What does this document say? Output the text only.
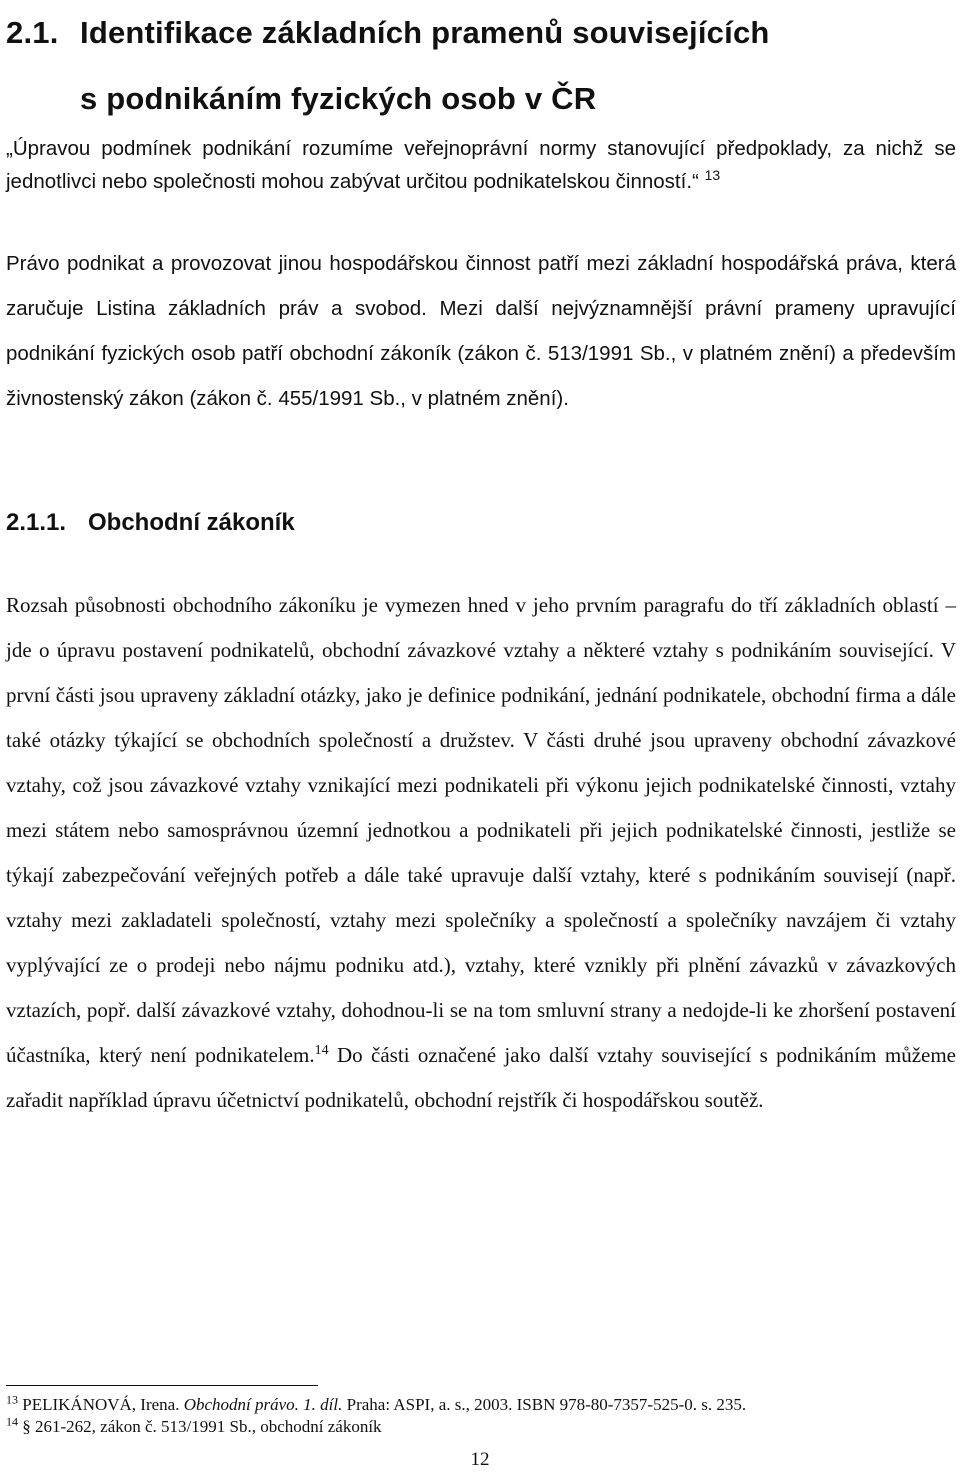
2.1. Identifikace základních pramenů souvisejících
s podnikáním fyzických osob v ČR

„Úpravou podmínek podnikání rozumíme veřejnoprávní normy stanovující předpoklady, za nichž se jednotlivci nebo společnosti mohou zabývat určitou podnikatelskou činností.“ $^{13}$

Právo podnikat a provozovat jinou hospodářskou činnost patří mezi základní hospodářská práva, která zaručuje Listina základních práv a svobod. Mezi další nejvýznamnější právní prameny upravující podnikání fyzických osob patří obchodní zákoník (zákon č. 513/1991 Sb., v platném znění) a především živnostenský zákon (zákon č. 455/1991 Sb., v platném znění).

2.1.1. Obchodní zákoník

Rozsah působnosti obchodního zákoníku je vymezen hned v jeho prvním paragrafu do tří základních oblastí – jde o úpravu postavení podnikatelů, obchodní závazkové vztahy a některé vztahy s podnikáním související. V první části jsou upraveny základní otázky, jako je definice podnikání, jednání podnikatele, obchodní firma a dále také otázky týkající se obchodních společností a družstev. V části druhé jsou upraveny obchodní závazkové vztahy, což jsou závazkové vztahy vznikající mezi podnikateli při výkonu jejich podnikatelské činnosti, vztahy mezi státem nebo samosprávnou územní jednotkou a podnikateli při jejich podnikatelské činnosti, jestliže se týkají zabezpečování veřejných potřeb a dále také upravuje další vztahy, které s podnikáním souvisejí (např. vztahy mezi zakladateli společností, vztahy mezi společníky a společností a společníky navzájem či vztahy vyplývající ze o prodeji nebo nájmu podniku atd.), vztahy, které vznikly při plnění závazků v závazkových vztazích, popř. další závazkové vztahy, dohodnou-li se na tom smluvní strany a nedojde-li ke zhoršení postavení účastníka, který není podnikatelem.$^{14}$ Do části označené jako další vztahy související s podnikáním můžeme zařadit například úpravu účetnictví podnikatelů, obchodní rejstřík či hospodářskou soutěž.

$^{13}$ PELIKÁNOVÁ, Irena. Obchodní právo. 1. díl. Praha: ASPI, a. s., 2003. ISBN 978-80-7357-525-0. s. 235.
$^{14}$ § 261-262, zákon č. 513/1991 Sb., obchodní zákoník
12
